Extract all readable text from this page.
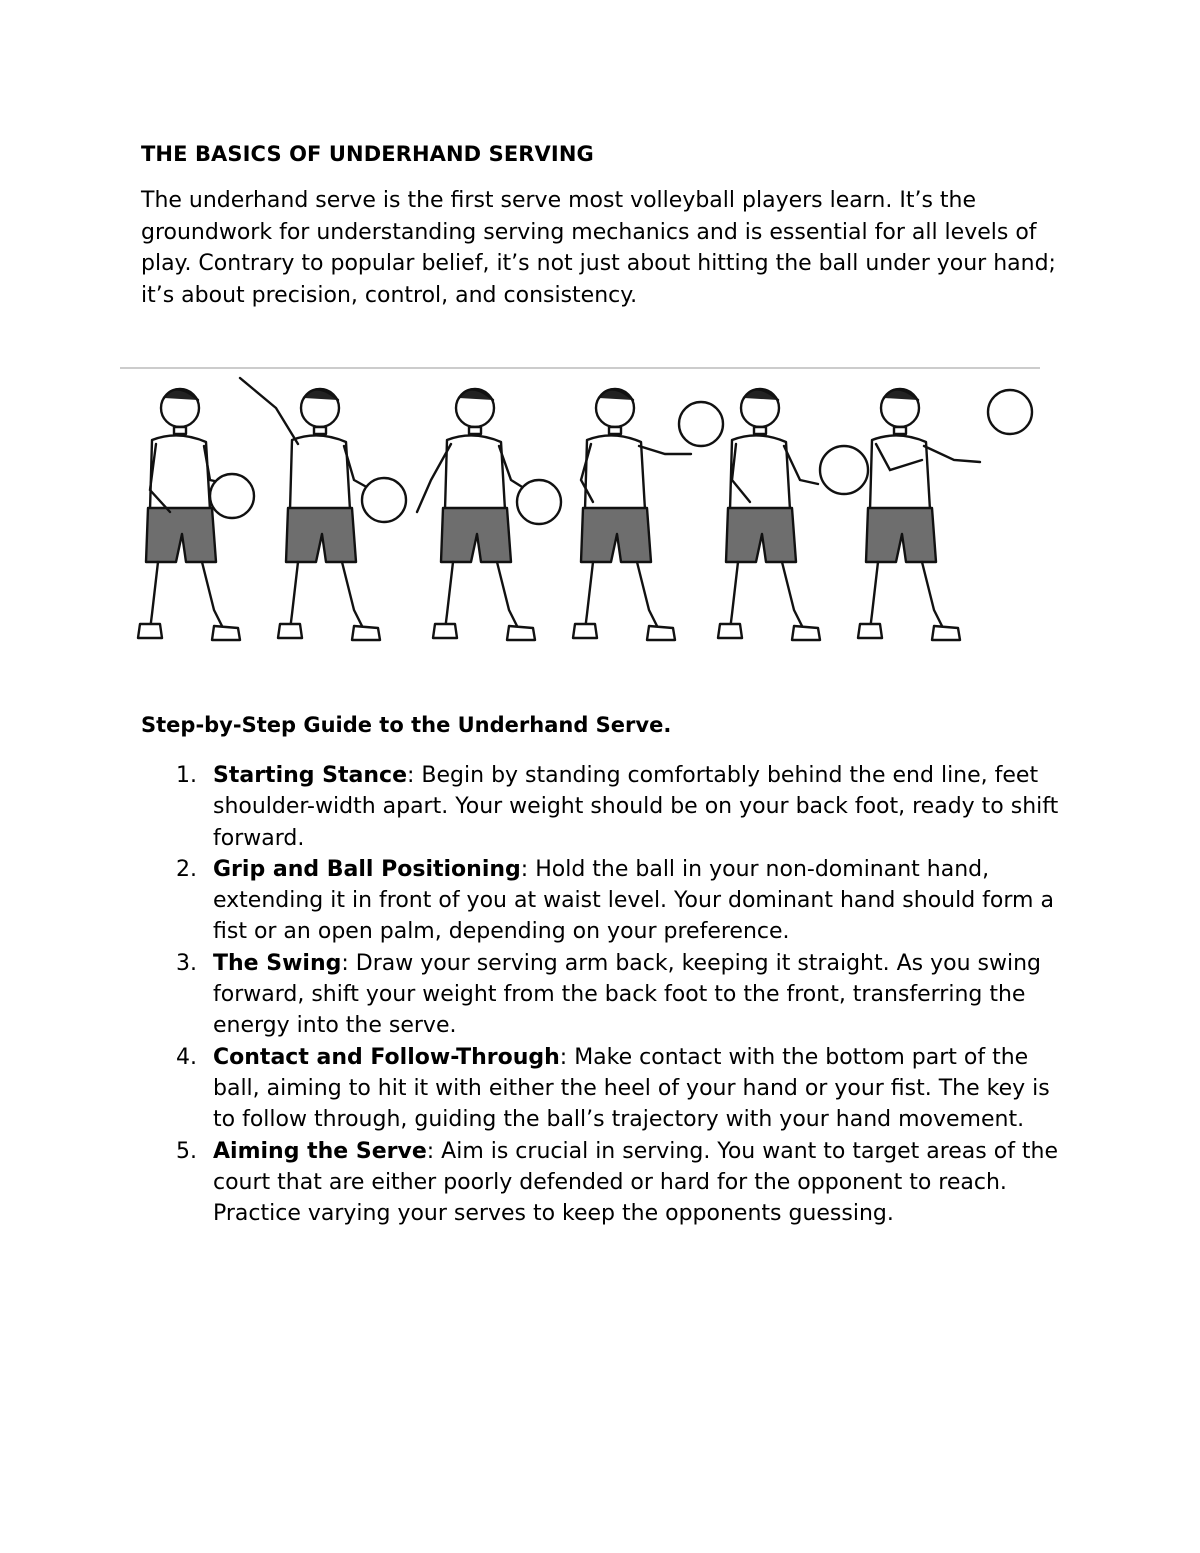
THE BASICS OF UNDERHAND SERVING
The underhand serve is the first serve most volleyball players learn. It’s the groundwork for understanding serving mechanics and is essential for all levels of play. Contrary to popular belief, it’s not just about hitting the ball under your hand; it’s about precision, control, and consistency.
Step-by-Step Guide to the Underhand Serve.
1. Starting Stance: Begin by standing comfortably behind the end line, feet shoulder-width apart. Your weight should be on your back foot, ready to shift forward.
2. Grip and Ball Positioning: Hold the ball in your non-dominant hand, extending it in front of you at waist level. Your dominant hand should form a fist or an open palm, depending on your preference.
3. The Swing: Draw your serving arm back, keeping it straight. As you swing forward, shift your weight from the back foot to the front, transferring the energy into the serve.
4. Contact and Follow-Through: Make contact with the bottom part of the ball, aiming to hit it with either the heel of your hand or your fist. The key is to follow through, guiding the ball’s trajectory with your hand movement.
5. Aiming the Serve: Aim is crucial in serving. You want to target areas of the court that are either poorly defended or hard for the opponent to reach. Practice varying your serves to keep the opponents guessing.
